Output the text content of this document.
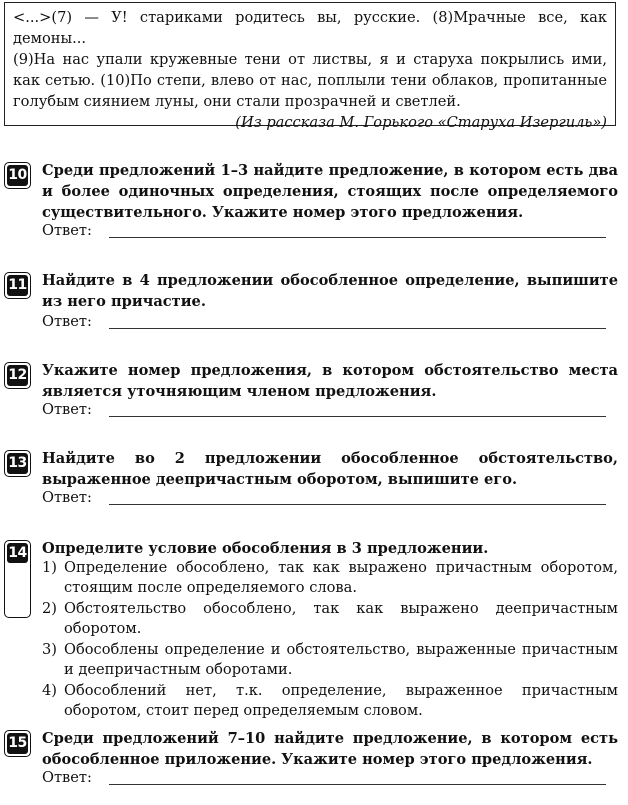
<...>(7) — У! стариками родитесь вы, русские. (8)Мрачные все, как демоны...

(9)На нас упали кружевные тени от листвы, я и старуха покрылись ими, как сетью. (10)По степи, влево от нас, поплыли тени облаков, пропитанные голубым сиянием луны, они стали прозрачней и светлей.

(Из рассказа М. Горького «Старуха Изергиль»)

10 Среди предложений 1–3 найдите предложение, в котором есть два и более одиночных определения, стоящих после определяемого существительного. Укажите номер этого предложения.
Ответ:
11 Найдите в 4 предложении обособленное определение, выпишите из него причастие.
Ответ:
12 Укажите номер предложения, в котором обстоятельство места является уточняющим членом предложения.
Ответ:
13 Найдите во 2 предложении обособленное обстоятельство, выраженное деепричастным оборотом, выпишите его.
Ответ:
14 Определите условие обособления в 3 предложении.
1) Определение обособлено, так как выражено причастным оборотом, стоящим после определяемого слова.
2) Обстоятельство обособлено, так как выражено деепричастным оборотом.
3) Обособлены определение и обстоятельство, выраженные причастным и деепричастным оборотами.
4) Обособлений нет, т.к. определение, выраженное причастным оборотом, стоит перед определяемым словом.
15 Среди предложений 7–10 найдите предложение, в котором есть обособленное приложение. Укажите номер этого предложения.
Ответ:
